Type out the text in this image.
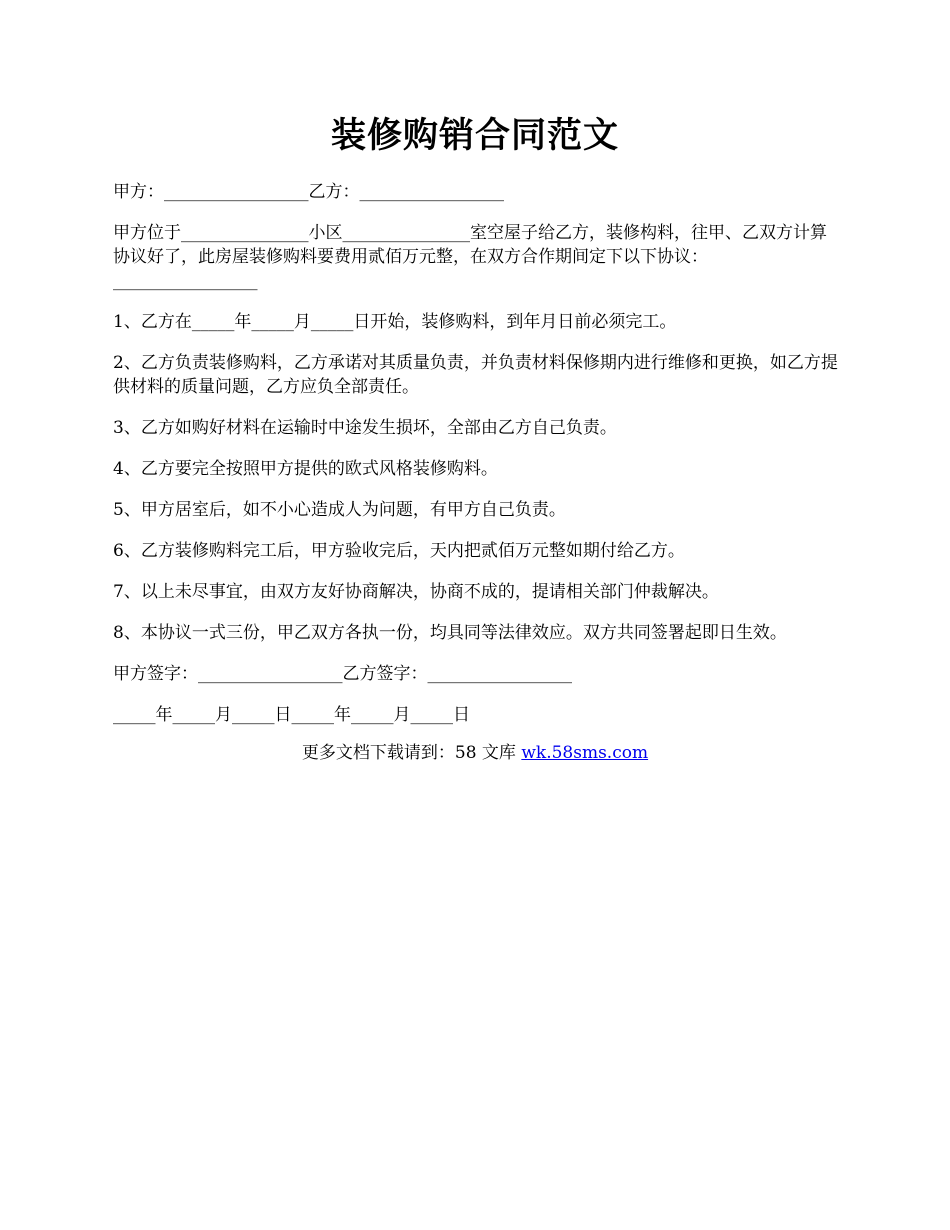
装修购销合同范文

甲方：_________________乙方：_________________

甲方位于_______________小区_______________室空屋子给乙方，装修构料，往甲、乙双方计算协议好了，此房屋装修购料要费用贰佰万元整，在双方合作期间定下以下协议：_________________

1、乙方在_____年_____月_____日开始，装修购料，到年月日前必须完工。

2、乙方负责装修购料，乙方承诺对其质量负责，并负责材料保修期内进行维修和更换，如乙方提供材料的质量问题，乙方应负全部责任。

3、乙方如购好材料在运输时中途发生损坏，全部由乙方自己负责。

4、乙方要完全按照甲方提供的欧式风格装修购料。

5、甲方居室后，如不小心造成人为问题，有甲方自己负责。

6、乙方装修购料完工后，甲方验收完后，天内把贰佰万元整如期付给乙方。

7、以上未尽事宜，由双方友好协商解决，协商不成的，提请相关部门仲裁解决。

8、本协议一式三份，甲乙双方各执一份，均具同等法律效应。双方共同签署起即日生效。

甲方签字：_________________乙方签字：_________________

_____年_____月_____日_____年_____月_____日

更多文档下载请到：58 文库 wk.58sms.com
